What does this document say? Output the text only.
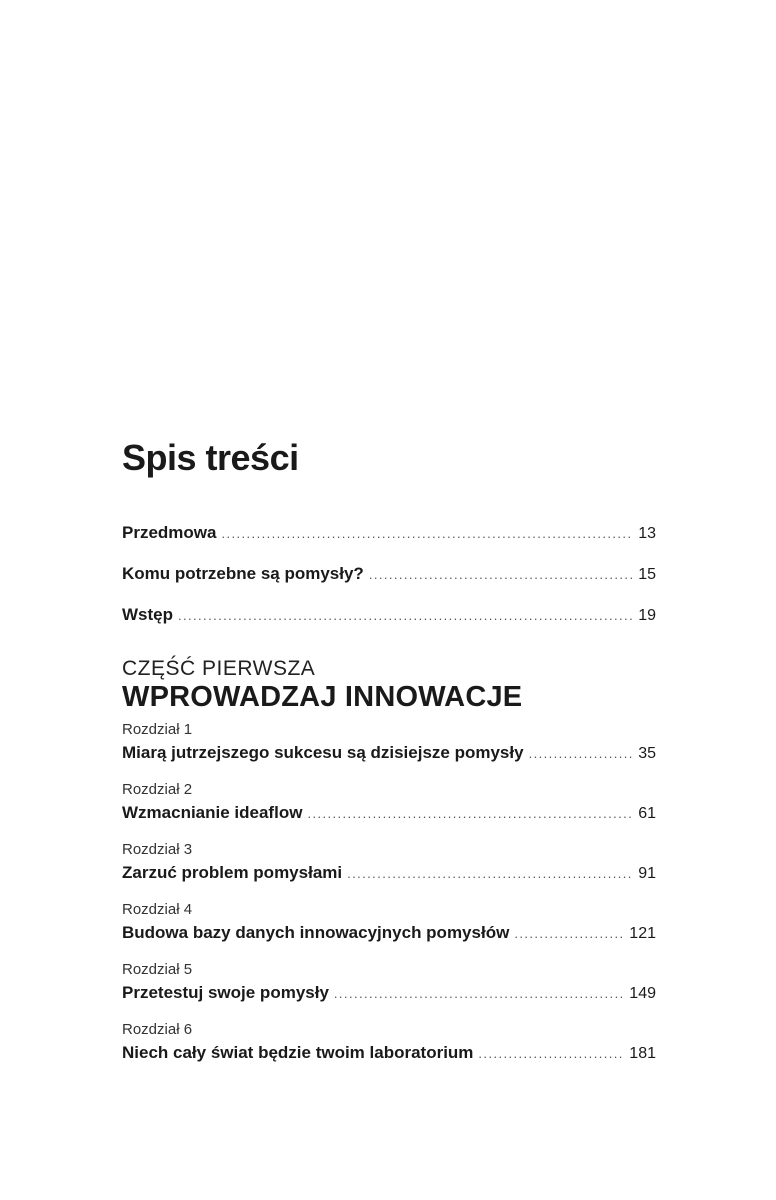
Spis treści
Przedmowa .....	13
Komu potrzebne są pomysły? .....	15
Wstęp .....	19
CZĘŚĆ PIERWSZA
WPROWADZAJ INNOWACJE
Rozdział 1
Miarą jutrzejszego sukcesu są dzisiejsze pomysły .....	35
Rozdział 2
Wzmacnianie ideaflow .....	61
Rozdział 3
Zarzuć problem pomysłami .....	91
Rozdział 4
Budowa bazy danych innowacyjnych pomysłów .....	121
Rozdział 5
Przetestuj swoje pomysły .....	149
Rozdział 6
Niech cały świat będzie twoim laboratorium .....	181
